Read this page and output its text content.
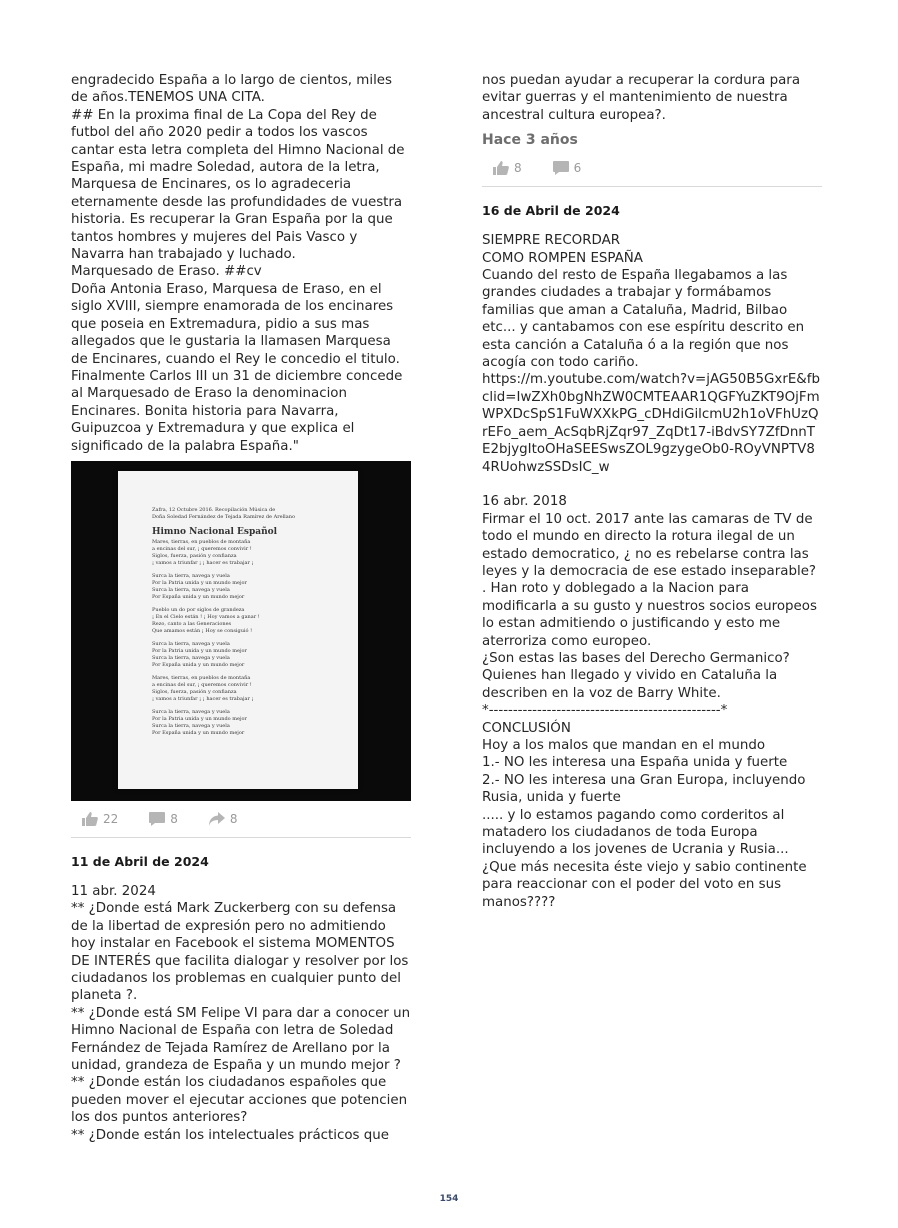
engradecido España a lo largo de cientos, miles de años.TENEMOS UNA CITA.
## En la proxima final de La Copa del Rey de futbol del año 2020 pedir a todos los vascos cantar esta letra completa del Himno Nacional de España, mi madre Soledad, autora de la letra, Marquesa de Encinares, os lo agradeceria eternamente desde las profundidades de vuestra historia. Es recuperar la Gran España por la que tantos hombres y mujeres del Pais Vasco y Navarra han trabajado y luchado.
Marquesado de Eraso. ##cv
Doña Antonia Eraso, Marquesa de Eraso, en el siglo XVIII, siempre enamorada de los encinares que poseia en Extremadura, pidio a sus mas allegados que le gustaria la llamasen Marquesa de Encinares, cuando el Rey le concedio el titulo. Finalmente Carlos III un 31 de diciembre concede al Marquesado de Eraso la denominacion Encinares. Bonita historia para Navarra, Guipuzcoa y Extremadura y que explica el significado de la palabra España."

Zafra, 12 Octubre 2016. Recopilación Música de
Doña Soledad Fernández de Tejada Ramírez de Arellano
Himno Nacional Español
Mares, tierras, en pueblos de montaña
a encinas del sur, ¡ queremos convivir !
Siglos, fuerza, pasión y confianza
¡ vamos a triunfar ¡ ¡ hacer es trabajar ¡
Surca la tierra, navega y vuela
Por la Patria unida y un mundo mejor
Surca la tierra, navega y vuela
Por España unida y un mundo mejor
Pueblo un do por siglos de grandeza
¡ En el Cielo están ! ¡ Hoy vamos a ganar !
Rezo, canto a las Generaciones
Que amamos están ¡ Hoy se consiguió !
Surca la tierra, navega y vuela
Por la Patria unida y un mundo mejor
Surca la tierra, navega y vuela
Por España unida y un mundo mejor
Mares, tierras, en pueblos de montaña
a encinas del sur, ¡ queremos convivir !
Siglos, fuerza, pasión y confianza
¡ vamos a triunfar ¡ ¡ hacer es trabajar ¡
Surca la tierra, navega y vuela
Por la Patria unida y un mundo mejor
Surca la tierra, navega y vuela
Por España unida y un mundo mejor
22	8	8
11 de Abril de 2024

11 abr. 2024
** ¿Donde está Mark Zuckerberg con su defensa de la libertad de expresión pero no admitiendo hoy instalar en Facebook el sistema MOMENTOS DE INTERÉS que facilita dialogar y resolver por los ciudadanos los problemas en cualquier punto del planeta ?.
** ¿Donde está SM Felipe VI para dar a conocer un Himno Nacional de España con letra de Soledad Fernández de Tejada Ramírez de Arellano por la unidad, grandeza de España y un mundo mejor ?
** ¿Donde están los ciudadanos españoles que pueden mover el ejecutar acciones que potencien los dos puntos anteriores?
** ¿Donde están los intelectuales prácticos que

nos puedan ayudar a recuperar la cordura para evitar guerras y el mantenimiento de nuestra ancestral cultura europea?.

Hace 3 años
8	6
16 de Abril de 2024

SIEMPRE RECORDAR
COMO ROMPEN ESPAÑA
Cuando del resto de España llegabamos a las grandes ciudades a trabajar y formábamos familias que aman a Cataluña, Madrid, Bilbao etc... y cantabamos con ese espíritu descrito en esta canción a Cataluña ó a la región que nos acogía con todo cariño.

https://m.youtube.com/watch?v=jAG50B5GxrE&fbclid=IwZXh0bgNhZW0CMTEAAR1QGFYuZKT9OjFmWPXDcSpS1FuWXXkPG_cDHdiGilcmU2h1oVFhUzQrEFo_aem_AcSqbRjZqr97_ZqDt17-iBdvSY7ZfDnnTE2bjygItoOHaSEESwsZOL9gzygeOb0-ROyVNPTV84RUohwzSSDsIC_w

16 abr. 2018
Firmar el 10 oct. 2017 ante las camaras de TV de todo el mundo en directo la rotura ilegal de un estado democratico, ¿ no es rebelarse contra las leyes y la democracia de ese estado inseparable? . Han roto y doblegado a la Nacion para modificarla a su gusto y nuestros socios europeos lo estan admitiendo o justificando y esto me aterroriza como europeo.
¿Son estas las bases del Derecho Germanico? Quienes han llegado y vivido en Cataluña la describen en la voz de Barry White.
*------------------------------------------------*
CONCLUSIÓN
Hoy a los malos que mandan en el mundo
1.- NO les interesa una España unida y fuerte
2.- NO les interesa una Gran Europa, incluyendo Rusia, unida y fuerte
..... y lo estamos pagando como corderitos al matadero los ciudadanos de toda Europa incluyendo a los jovenes de Ucrania y Rusia...
¿Que más necesita éste viejo y sabio continente para reaccionar con el poder del voto en sus manos????

154
